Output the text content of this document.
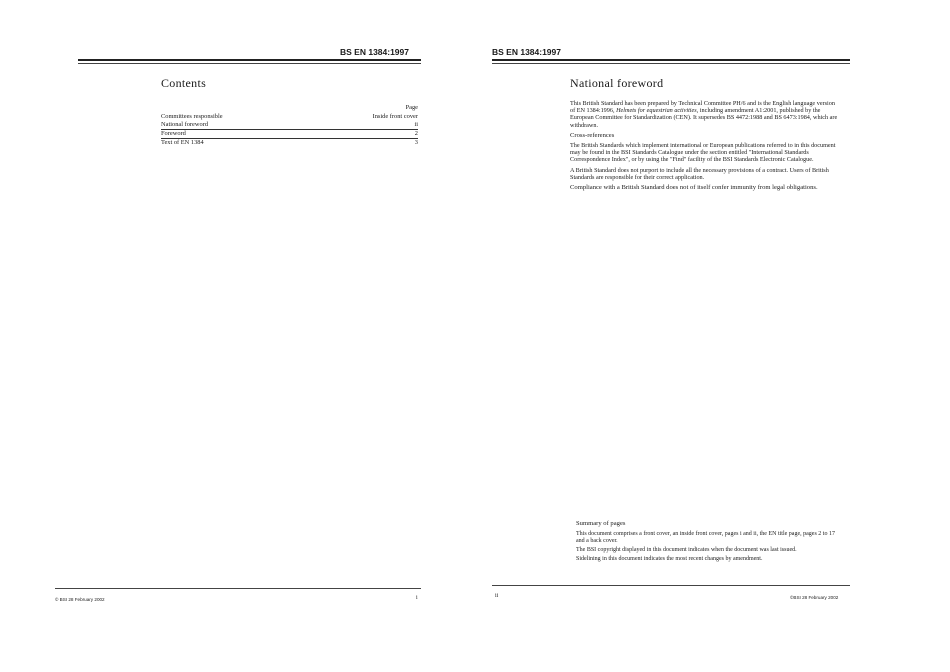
BS EN 1384:1997
Contents
Page
Committees responsible	Inside front cover
National foreword	ii
Foreword	2
Text of EN 1384	3
© BSI 28 February 2002	i
BS EN 1384:1997
National foreword

This British Standard has been prepared by Technical Committee PH/6 and is the English language version of EN 1384:1996, Helmets for equestrian activities, including amendment A1:2001, published by the European Committee for Standardization (CEN). It supersedes BS 4472:1988 and BS 6473:1984, which are withdrawn.

Cross-references

The British Standards which implement international or European publications referred to in this document may be found in the BSI Standards Catalogue under the section entitled "International Standards Correspondence Index", or by using the "Find" facility of the BSI Standards Electronic Catalogue.

A British Standard does not purport to include all the necessary provisions of a contract. Users of British Standards are responsible for their correct application.

Compliance with a British Standard does not of itself confer immunity from legal obligations.

Summary of pages

This document comprises a front cover, an inside front cover, pages i and ii, the EN title page, pages 2 to 17 and a back cover.

The BSI copyright displayed in this document indicates when the document was last issued.

Sidelining in this document indicates the most recent changes by amendment.

ii	©BSI 28 February 2002
